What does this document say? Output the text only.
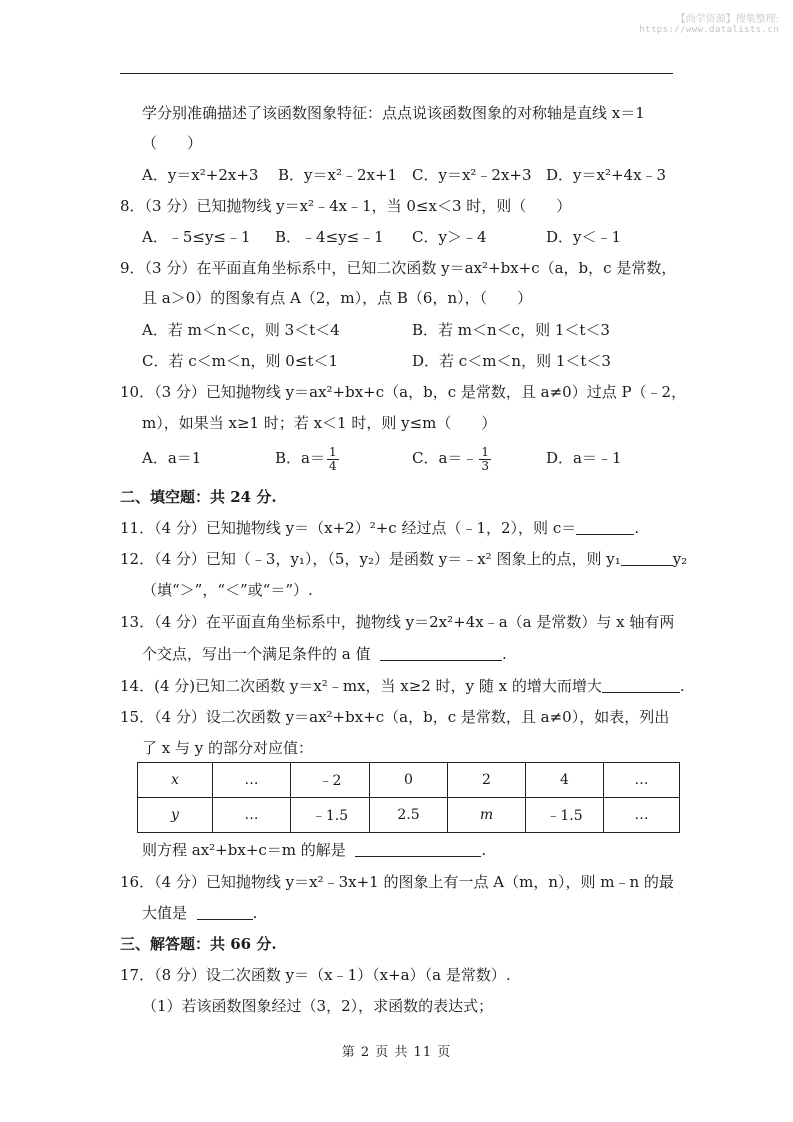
【尚学资源】搜集整理:
https://www.datalists.cn
学分别准确描述了该函数图象特征：点点说该函数图象的对称轴是直线 x＝1
（　　）
A．y＝x²+2x+3 B．y＝x²﹣2x+1 C．y＝x²﹣2x+3 D．y＝x²+4x﹣3
8．（3 分）已知抛物线 y＝x²﹣4x﹣1，当 0≤x＜3 时，则（　　）
A．﹣5≤y≤﹣1 B．﹣4≤y≤﹣1 C．y＞﹣4	D．y＜﹣1
9．（3 分）在平面直角坐标系中，已知二次函数 y＝ax²+bx+c（a，b，c 是常数，
且 a＞0）的图象有点 A（2，m），点 B（6，n），（　　）
A．若 m＜n＜c，则 3＜t＜4	B．若 m＜n＜c，则 1＜t＜3
C．若 c＜m＜n，则 0≤t＜1	D．若 c＜m＜n，则 1＜t＜3
10．（3 分）已知抛物线 y＝ax²+bx+c（a，b，c 是常数，且 a≠0）过点 P（﹣2，
m），如果当 x≥1 时；若 x＜1 时，则 y≤m（　　）
A．a＝1	B．$a= \frac{1}{4}$	C．a＝﹣ $\frac{1}{3}$	D．a＝﹣1
二、填空题：共 24 分.
11．（4 分）已知抛物线 y＝（x+2）²+c 经过点（﹣1，2），则 c＝	.
12．（4 分）已知（﹣3，y₁），（5，y₂）是函数 y＝﹣x² 图象上的点，则 y₁	y₂
（填“＞”，“＜”或“＝”）.
13．（4 分）在平面直角坐标系中，抛物线 y＝2x²+4x﹣a（a 是常数）与 x 轴有两
个交点，写出一个满足条件的 a 值	.
14．(4 分)已知二次函数 y＝x²﹣mx，当 x≥2 时，y 随 x 的增大而增大	.
15．（4 分）设二次函数 y＝ax²+bx+c（a，b，c 是常数，且 a≠0），如表，列出
了 x 与 y 的部分对应值：
x	…	﹣2	0	2	4	…
y	…	﹣1.5	2.5	m	﹣1.5	…
则方程 ax²+bx+c＝m 的解是	.
16．（4 分）已知抛物线 y＝x²﹣3x+1 的图象上有一点 A（m，n），则 m﹣n 的最
大值是	.
三、解答题：共 66 分.
17．（8 分）设二次函数 y＝（x﹣1）（x+a）（a 是常数）.
（1）若该函数图象经过（3，2），求函数的表达式；
第 2 页 共 11 页
